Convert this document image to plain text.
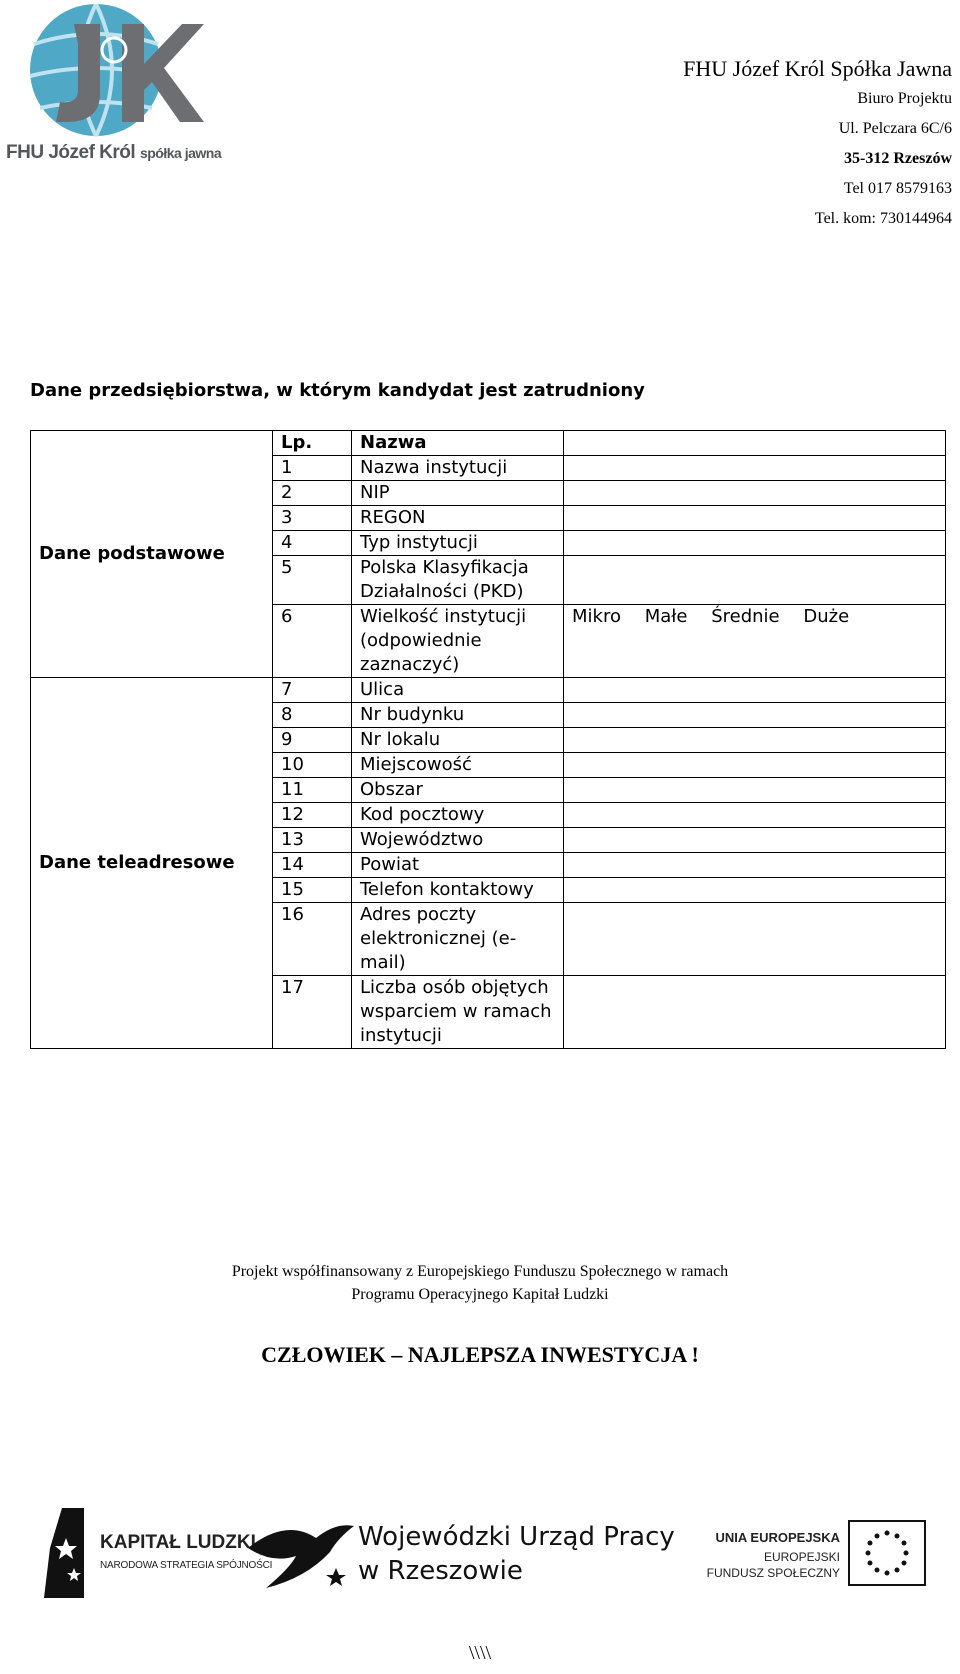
FHU Józef Król spółka jawna
FHU Józef Król Spółka Jawna
Biuro Projektu
Ul. Pelczara 6C/6
35-312 Rzeszów
Tel 017 8579163
Tel. kom: 730144964
Dane przedsiębiorstwa, w którym kandydat jest zatrudniony
Dane podstawowe	Lp.	Nazwa	
	1	Nazwa instytucji	
	2	NIP	
	3	REGON	
	4	Typ instytucji	
	5	Polska Klasyfikacja Działalności (PKD)	
	6	Wielkość instytucji (odpowiednie zaznaczyć)	Mikro Małe Średnie Duże
Dane teleadresowe	7	Ulica	
	8	Nr budynku	
	9	Nr lokalu	
	10	Miejscowość	
	11	Obszar	
	12	Kod pocztowy	
	13	Województwo	
	14	Powiat	
	15	Telefon kontaktowy	
	16	Adres poczty elektronicznej (e-mail)	
	17	Liczba osób objętych wsparciem w ramach instytucji	
Projekt współfinansowany z Europejskiego Funduszu Społecznego w ramach
Programu Operacyjnego Kapitał Ludzki
CZŁOWIEK – NAJLEPSZA INWESTYCJA !
KAPITAŁ LUDZKI
NARODOWA STRATEGIA SPÓJNOŚCI
Wojewódzki Urząd Pracy
w Rzeszowie
UNIA EUROPEJSKA
EUROPEJSKI
FUNDUSZ SPOŁECZNY
\\\\
